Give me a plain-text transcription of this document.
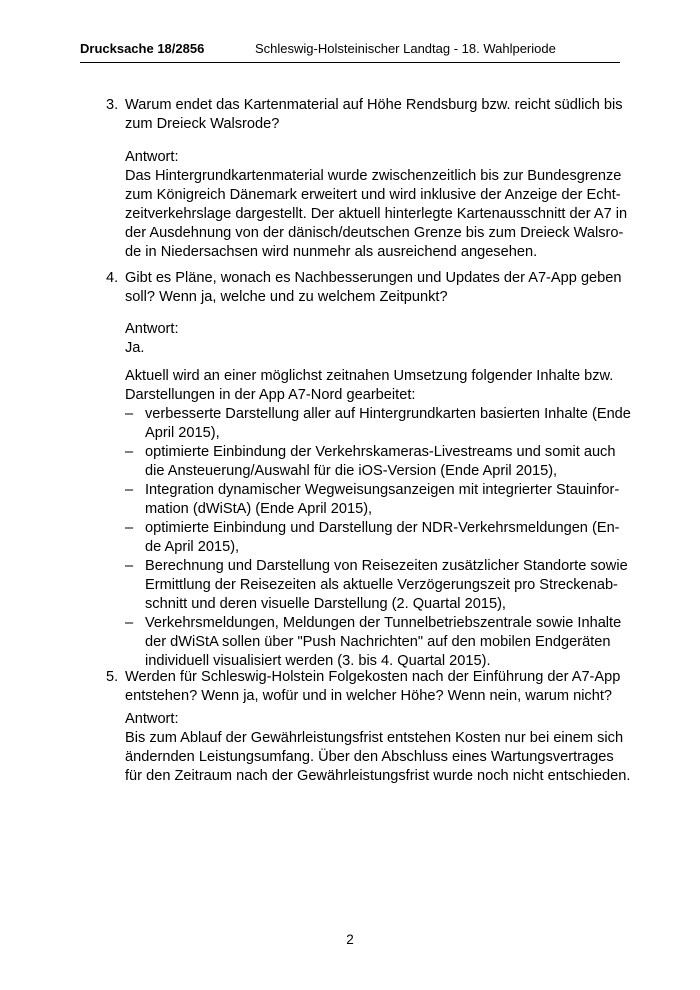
Drucksache 18/2856	Schleswig-Holsteinischer Landtag - 18. Wahlperiode
3. Warum endet das Kartenmaterial auf Höhe Rendsburg bzw. reicht südlich bis
zum Dreieck Walsrode?
Antwort:
Das Hintergrundkartenmaterial wurde zwischenzeitlich bis zur Bundesgrenze
zum Königreich Dänemark erweitert und wird inklusive der Anzeige der Echt-
zeitverkehrslage dargestellt. Der aktuell hinterlegte Kartenausschnitt der A7 in
der Ausdehnung von der dänisch/deutschen Grenze bis zum Dreieck Walsro-
de in Niedersachsen wird nunmehr als ausreichend angesehen.
4. Gibt es Pläne, wonach es Nachbesserungen und Updates der A7-App geben
soll? Wenn ja, welche und zu welchem Zeitpunkt?
Antwort:
Ja.
Aktuell wird an einer möglichst zeitnahen Umsetzung folgender Inhalte bzw.
Darstellungen in der App A7-Nord gearbeitet:
– verbesserte Darstellung aller auf Hintergrundkarten basierten Inhalte (Ende
April 2015),
– optimierte Einbindung der Verkehrskameras-Livestreams und somit auch
die Ansteuerung/Auswahl für die iOS-Version (Ende April 2015),
– Integration dynamischer Wegweisungsanzeigen mit integrierter Stauinfor-
mation (dWiStA) (Ende April 2015),
– optimierte Einbindung und Darstellung der NDR-Verkehrsmeldungen (En-
de April 2015),
– Berechnung und Darstellung von Reisezeiten zusätzlicher Standorte sowie
Ermittlung der Reisezeiten als aktuelle Verzögerungszeit pro Streckenab-
schnitt und deren visuelle Darstellung (2. Quartal 2015),
– Verkehrsmeldungen, Meldungen der Tunnelbetriebszentrale sowie Inhalte
der dWiStA sollen über "Push Nachrichten" auf den mobilen Endgeräten
individuell visualisiert werden (3. bis 4. Quartal 2015).
5. Werden für Schleswig-Holstein Folgekosten nach der Einführung der A7-App
entstehen? Wenn ja, wofür und in welcher Höhe? Wenn nein, warum nicht?
Antwort:
Bis zum Ablauf der Gewährleistungsfrist entstehen Kosten nur bei einem sich
ändernden Leistungsumfang. Über den Abschluss eines Wartungsvertrages
für den Zeitraum nach der Gewährleistungsfrist wurde noch nicht entschieden.
2
